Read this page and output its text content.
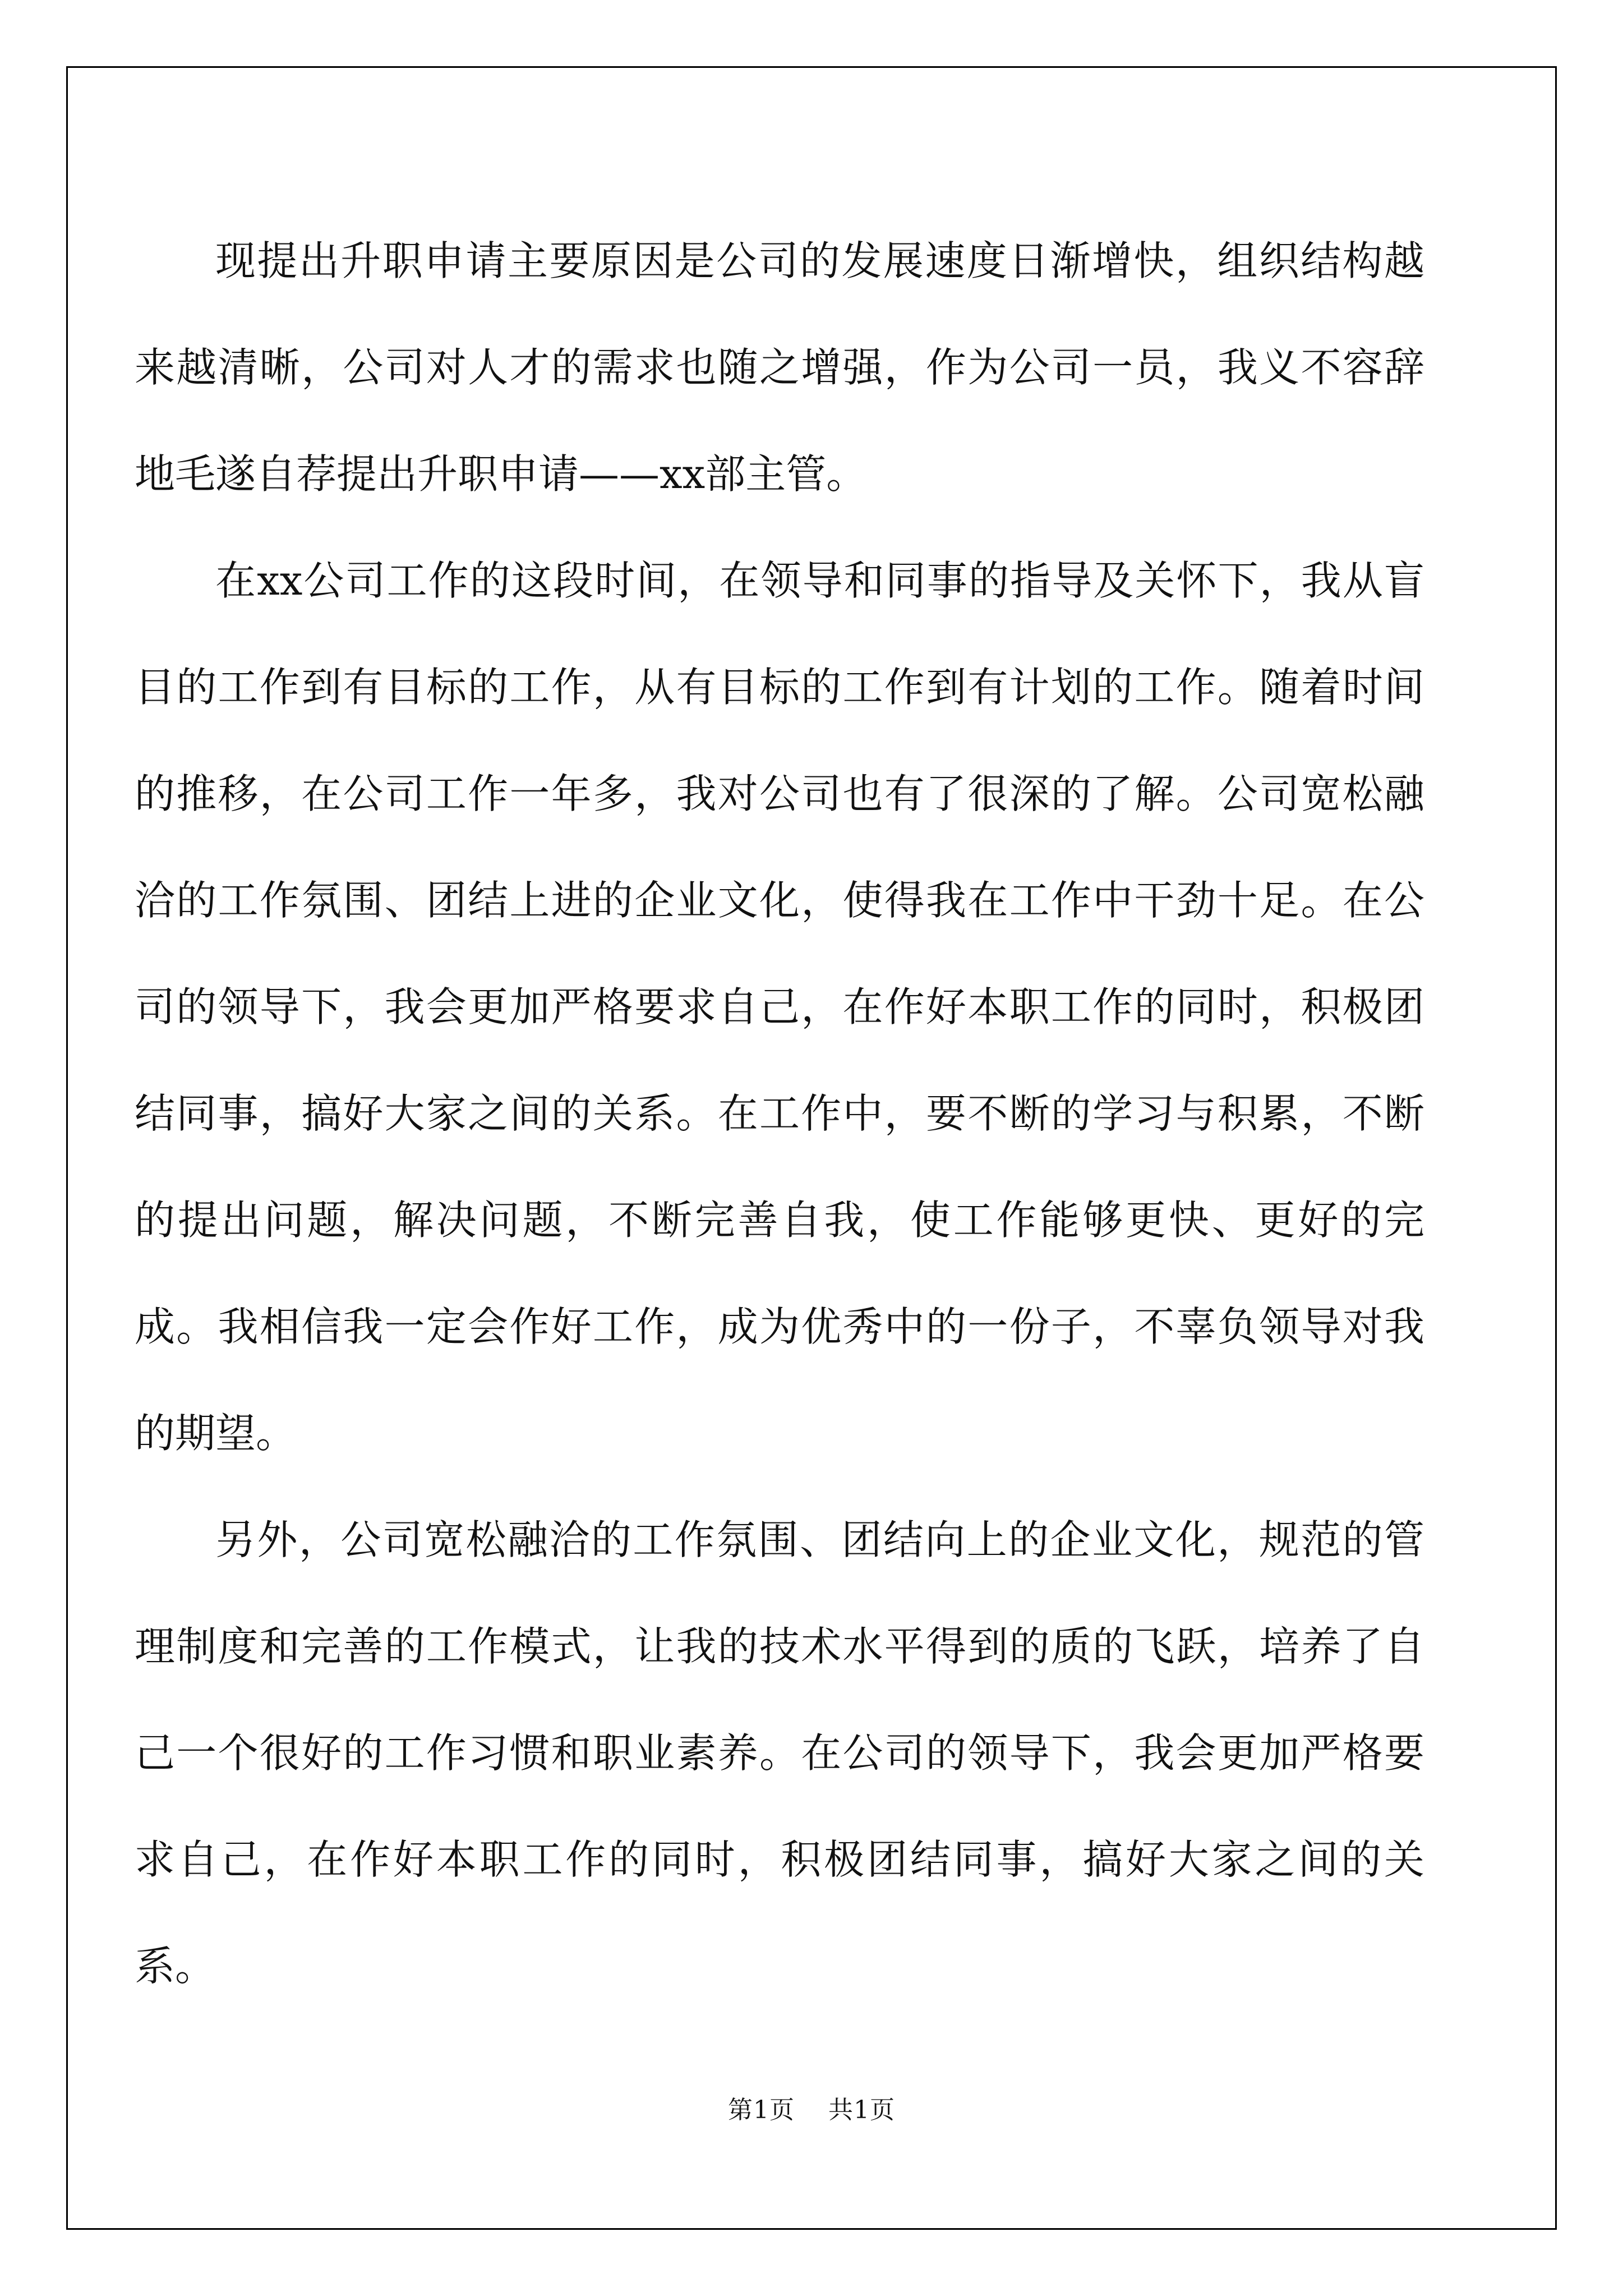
现提出升职申请主要原因是公司的发展速度日渐增快，组织结构越来越清晰，公司对人才的需求也随之增强，作为公司一员，我义不容辞地毛遂自荐提出升职申请——xx部主管。

在xx公司工作的这段时间，在领导和同事的指导及关怀下，我从盲目的工作到有目标的工作，从有目标的工作到有计划的工作。随着时间的推移，在公司工作一年多，我对公司也有了很深的了解。公司宽松融洽的工作氛围、团结上进的企业文化，使得我在工作中干劲十足。在公司的领导下，我会更加严格要求自己，在作好本职工作的同时，积极团结同事，搞好大家之间的关系。在工作中，要不断的学习与积累，不断的提出问题，解决问题，不断完善自我，使工作能够更快、更好的完成。我相信我一定会作好工作，成为优秀中的一份子，不辜负领导对我的期望。

另外，公司宽松融洽的工作氛围、团结向上的企业文化，规范的管理制度和完善的工作模式，让我的技术水平得到的质的飞跃，培养了自己一个很好的工作习惯和职业素养。在公司的领导下，我会更加严格要求自己，在作好本职工作的同时，积极团结同事，搞好大家之间的关系。

第1页 共1页
